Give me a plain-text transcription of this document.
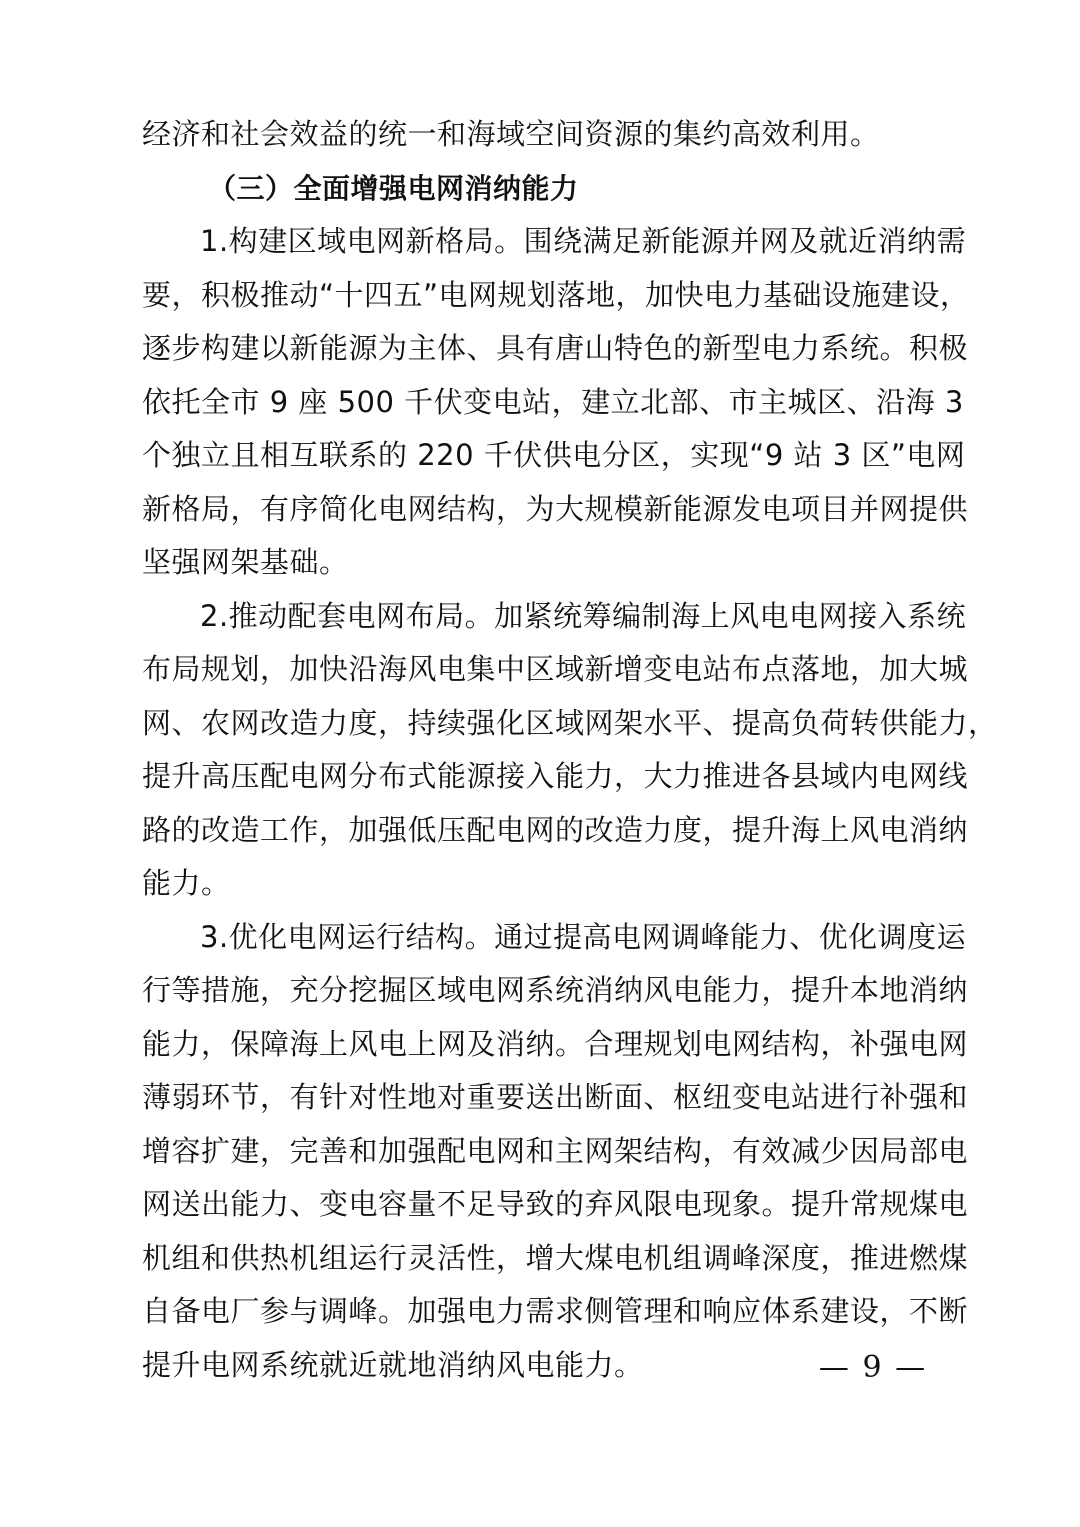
经济和社会效益的统一和海域空间资源的集约高效利用。
（三）全面增强电网消纳能力
1.构建区域电网新格局。围绕满足新能源并网及就近消纳需
要，积极推动“十四五”电网规划落地，加快电力基础设施建设，
逐步构建以新能源为主体、具有唐山特色的新型电力系统。积极
依托全市 9 座 500 千伏变电站，建立北部、市主城区、沿海 3
个独立且相互联系的 220 千伏供电分区，实现“9 站 3 区”电网
新格局，有序简化电网结构，为大规模新能源发电项目并网提供
坚强网架基础。
2.推动配套电网布局。加紧统筹编制海上风电电网接入系统
布局规划，加快沿海风电集中区域新增变电站布点落地，加大城
网、农网改造力度，持续强化区域网架水平、提高负荷转供能力，
提升高压配电网分布式能源接入能力，大力推进各县域内电网线
路的改造工作，加强低压配电网的改造力度，提升海上风电消纳
能力。
3.优化电网运行结构。通过提高电网调峰能力、优化调度运
行等措施，充分挖掘区域电网系统消纳风电能力，提升本地消纳
能力，保障海上风电上网及消纳。合理规划电网结构，补强电网
薄弱环节，有针对性地对重要送出断面、枢纽变电站进行补强和
增容扩建，完善和加强配电网和主网架结构，有效减少因局部电
网送出能力、变电容量不足导致的弃风限电现象。提升常规煤电
机组和供热机组运行灵活性，增大煤电机组调峰深度，推进燃煤
自备电厂参与调峰。加强电力需求侧管理和响应体系建设，不断
提升电网系统就近就地消纳风电能力。	— 9 —
